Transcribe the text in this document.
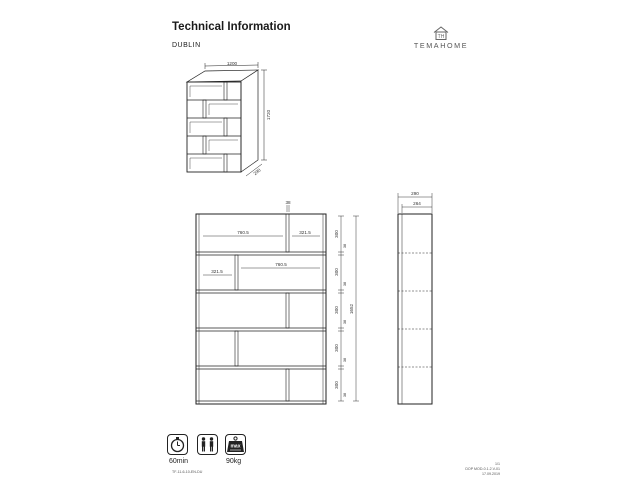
Technical Information
DUBLIN
TH
TEMAHOME
1200
1720
290
38
760.5	321.5
321.5
760.5
300
300
300
300
300
38
38
38
38
38
1652
290
264
60min
max
90kg
TF-11-6-10-EN-DU
1/1
DOP MOD-0.1.2.V-01
17.09.2019
